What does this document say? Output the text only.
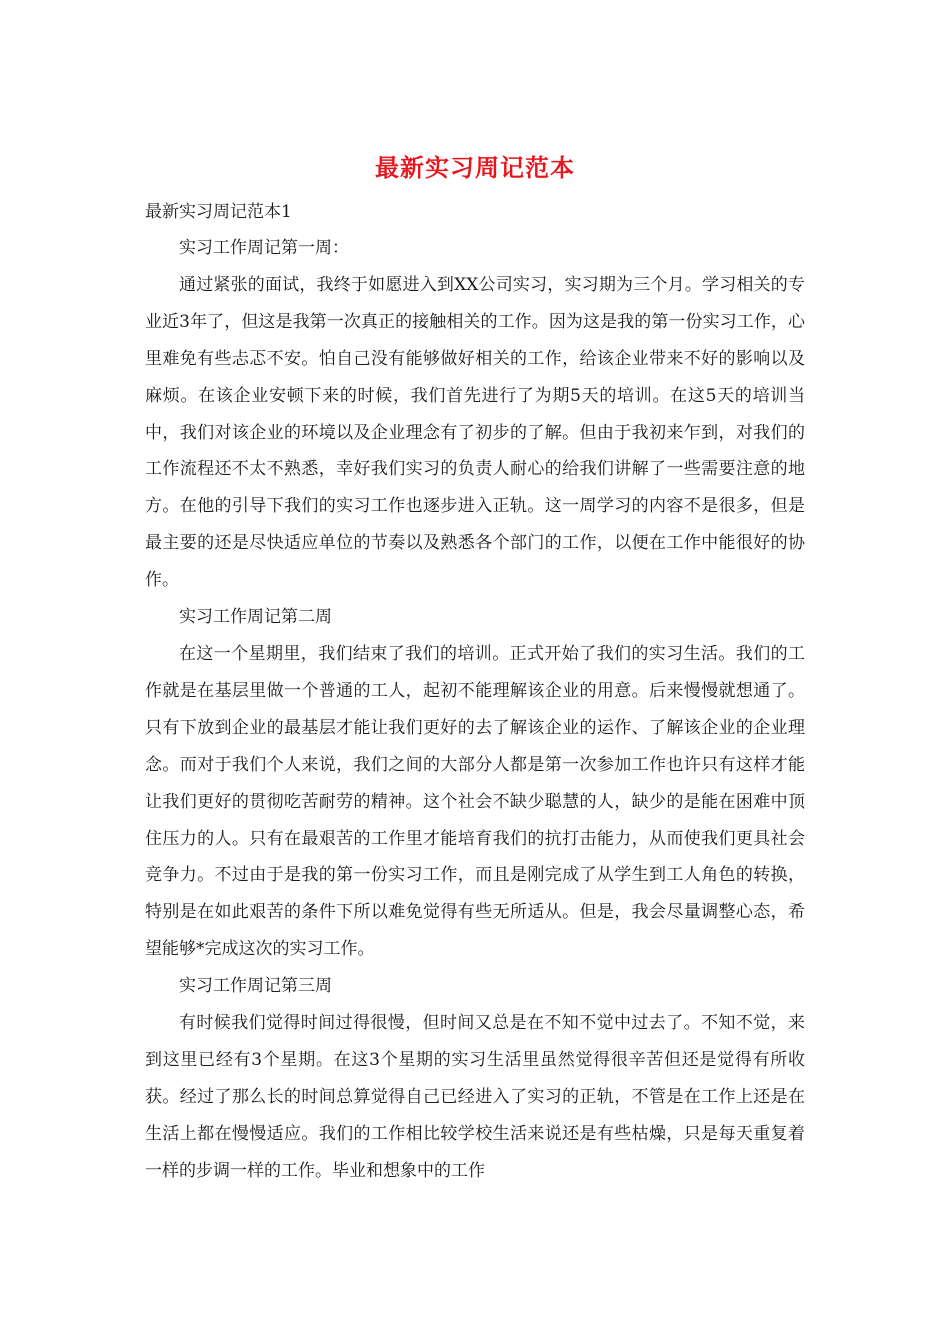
最新实习周记范本

最新实习周记范本1

实习工作周记第一周：

通过紧张的面试，我终于如愿进入到XX公司实习，实习期为三个月。学习相关的专业近3年了，但这是我第一次真正的接触相关的工作。因为这是我的第一份实习工作，心里难免有些忐忑不安。怕自己没有能够做好相关的工作，给该企业带来不好的影响以及麻烦。在该企业安顿下来的时候，我们首先进行了为期5天的培训。在这5天的培训当中，我们对该企业的环境以及企业理念有了初步的了解。但由于我初来乍到，对我们的工作流程还不太不熟悉，幸好我们实习的负责人耐心的给我们讲解了一些需要注意的地方。在他的引导下我们的实习工作也逐步进入正轨。这一周学习的内容不是很多，但是最主要的还是尽快适应单位的节奏以及熟悉各个部门的工作，以便在工作中能很好的协作。

实习工作周记第二周

在这一个星期里，我们结束了我们的培训。正式开始了我们的实习生活。我们的工作就是在基层里做一个普通的工人，起初不能理解该企业的用意。后来慢慢就想通了。只有下放到企业的最基层才能让我们更好的去了解该企业的运作、了解该企业的企业理念。而对于我们个人来说，我们之间的大部分人都是第一次参加工作也许只有这样才能让我们更好的贯彻吃苦耐劳的精神。这个社会不缺少聪慧的人，缺少的是能在困难中顶住压力的人。只有在最艰苦的工作里才能培育我们的抗打击能力，从而使我们更具社会竞争力。不过由于是我的第一份实习工作，而且是刚完成了从学生到工人角色的转换，特别是在如此艰苦的条件下所以难免觉得有些无所适从。但是，我会尽量调整心态，希望能够*完成这次的实习工作。

实习工作周记第三周

有时候我们觉得时间过得很慢，但时间又总是在不知不觉中过去了。不知不觉，来到这里已经有3个星期。在这3个星期的实习生活里虽然觉得很辛苦但还是觉得有所收获。经过了那么长的时间总算觉得自己已经进入了实习的正轨，不管是在工作上还是在生活上都在慢慢适应。我们的工作相比较学校生活来说还是有些枯燥，只是每天重复着一样的步调一样的工作。毕业和想象中的工作
